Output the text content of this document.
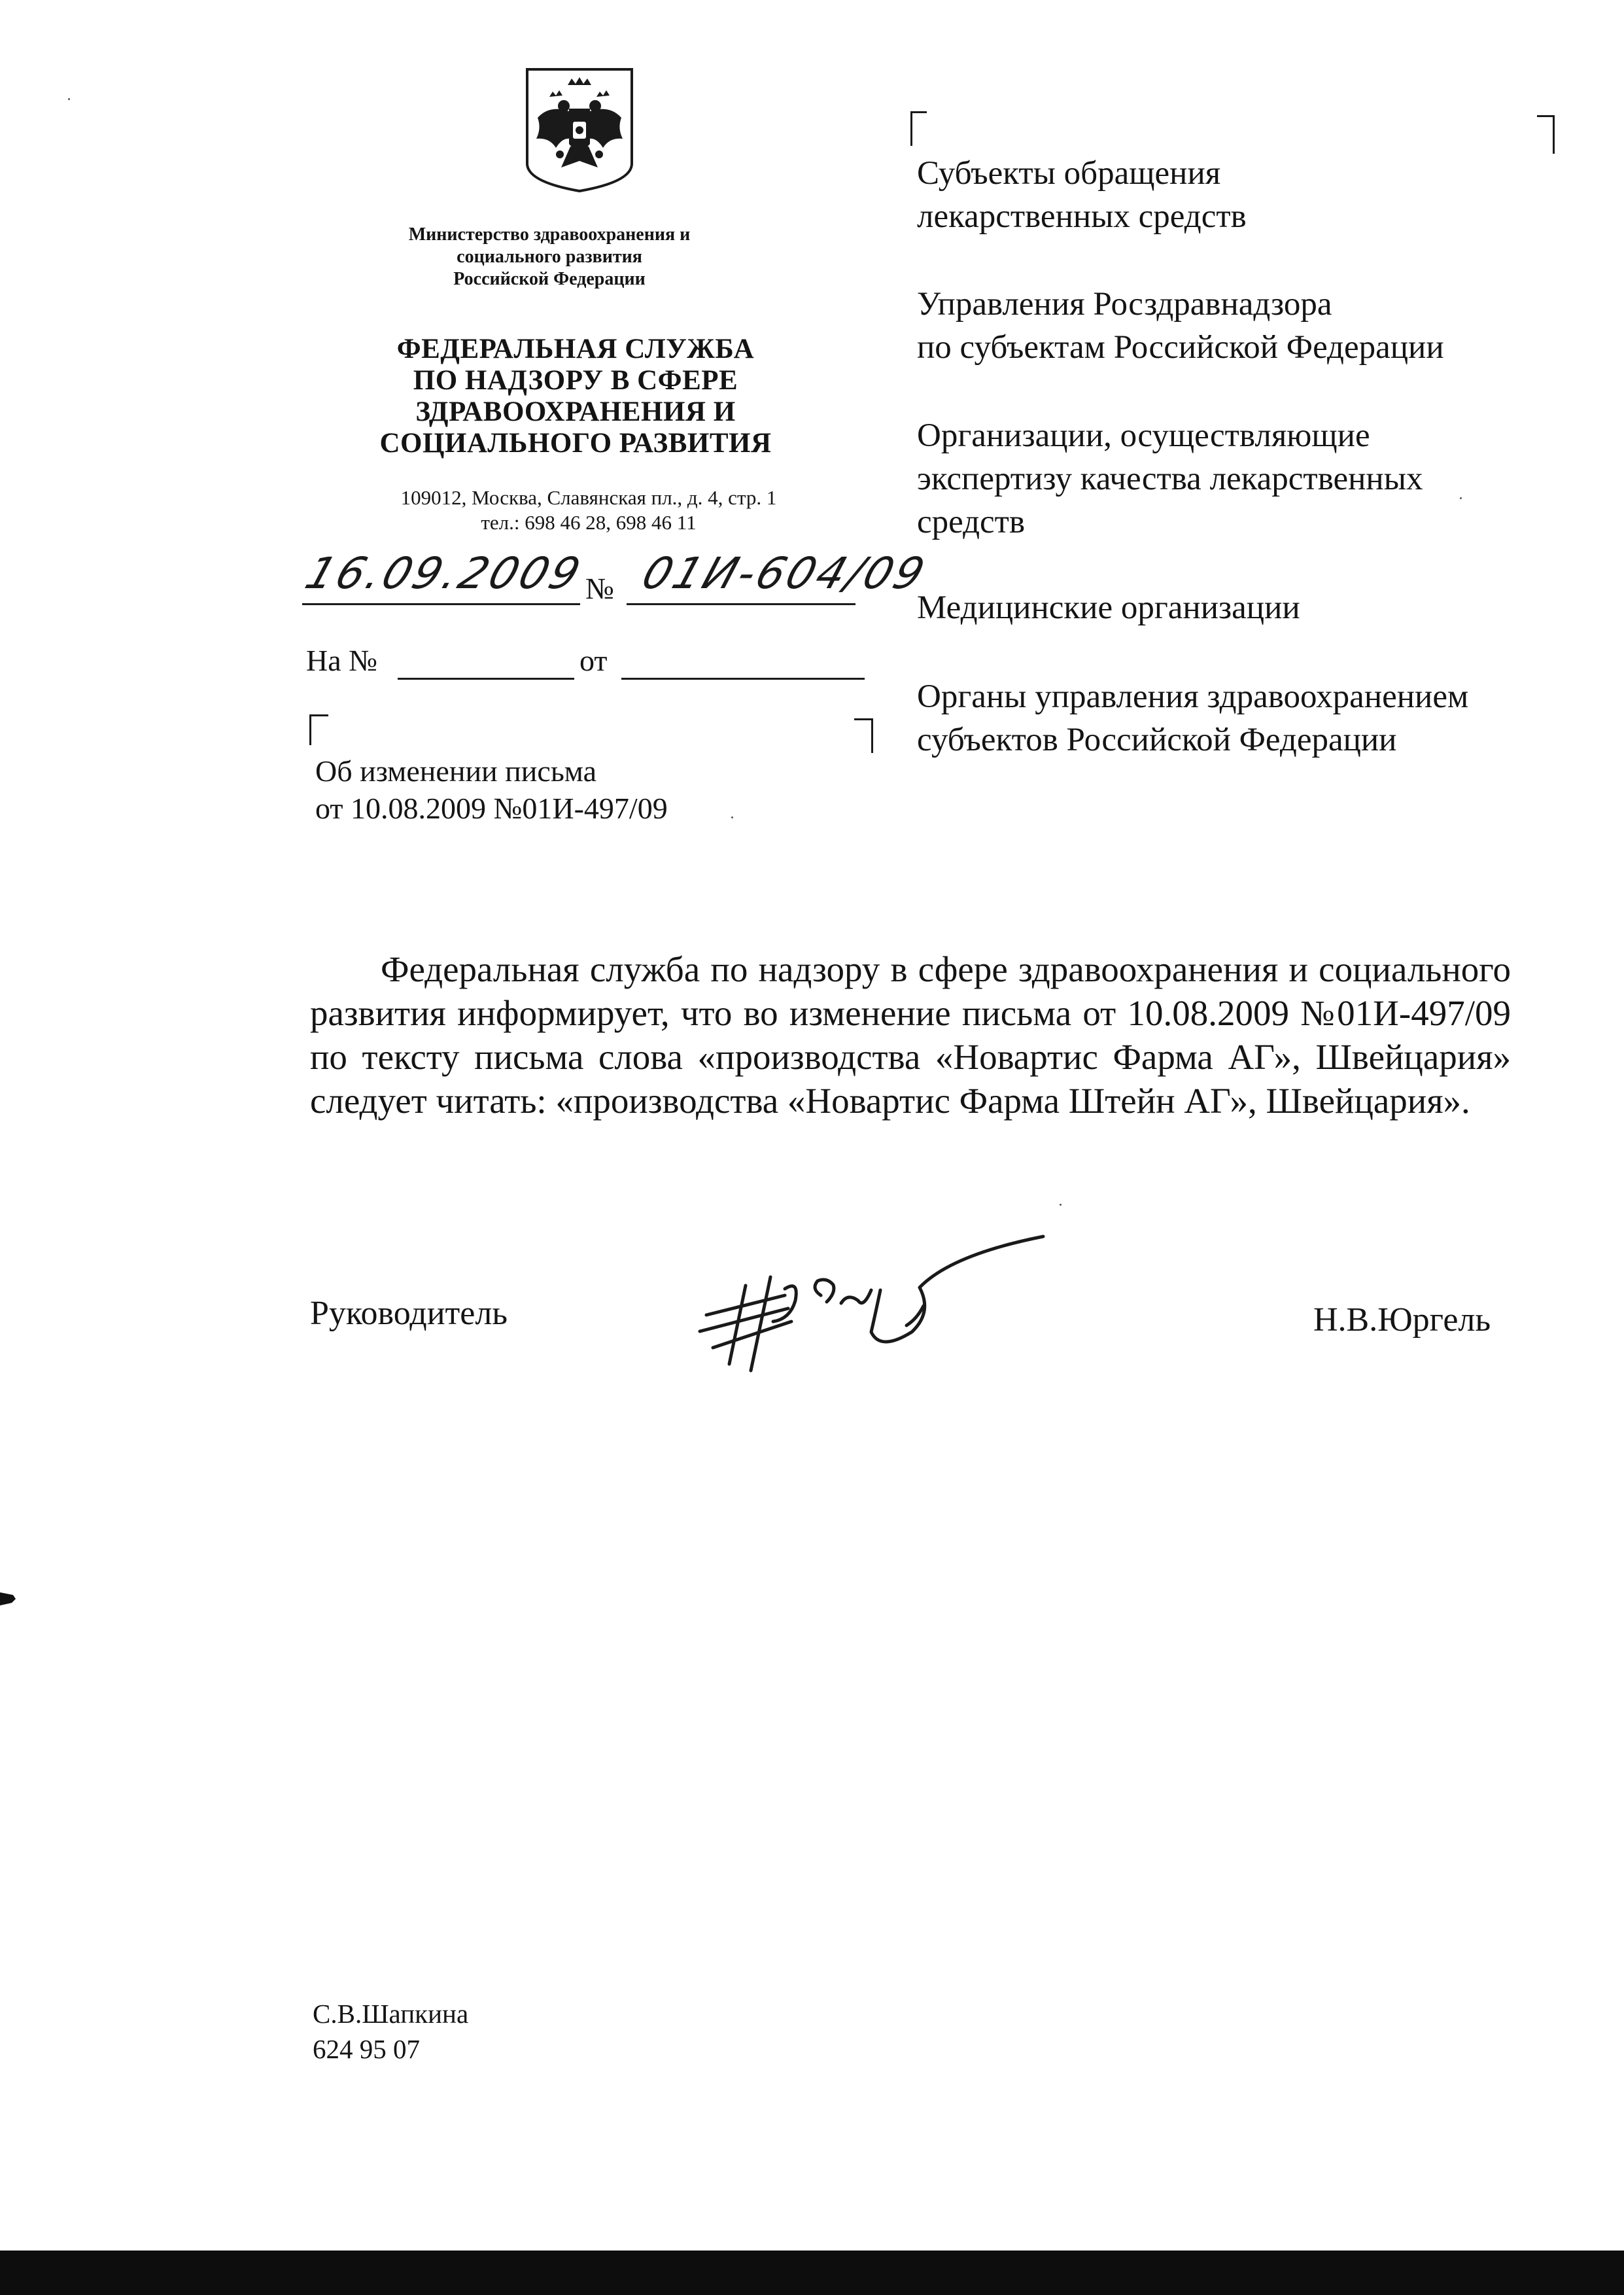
Министерство здравоохранения и
социального развития
Российской Федерации
ФЕДЕРАЛЬНАЯ СЛУЖБА
ПО НАДЗОРУ В СФЕРЕ
ЗДРАВООХРАНЕНИЯ И
СОЦИАЛЬНОГО РАЗВИТИЯ
109012, Москва, Славянская пл., д. 4, стр. 1
тел.: 698 46 28, 698 46 11
16.09.2009
№ 01И-604/09
На №	от
Субъекты обращения
лекарственных средств
Управления Росздравнадзора
по субъектам Российской Федерации
Организации, осуществляющие
экспертизу качества лекарственных
средств
Медицинские организации
Органы управления здравоохранением
субъектов Российской Федерации
Об изменении письма
от 10.08.2009 №01И-497/09

Федеральная служба по надзору в сфере здравоохранения и социального развития информирует, что во изменение письма от 10.08.2009 №01И-497/09 по тексту письма слова «производства «Новартис Фарма АГ», Швейцария» следует читать: «производства «Новартис Фарма Штейн АГ», Швейцария».

Руководитель	Н.В.Юргель
С.В.Шапкина
624 95 07
